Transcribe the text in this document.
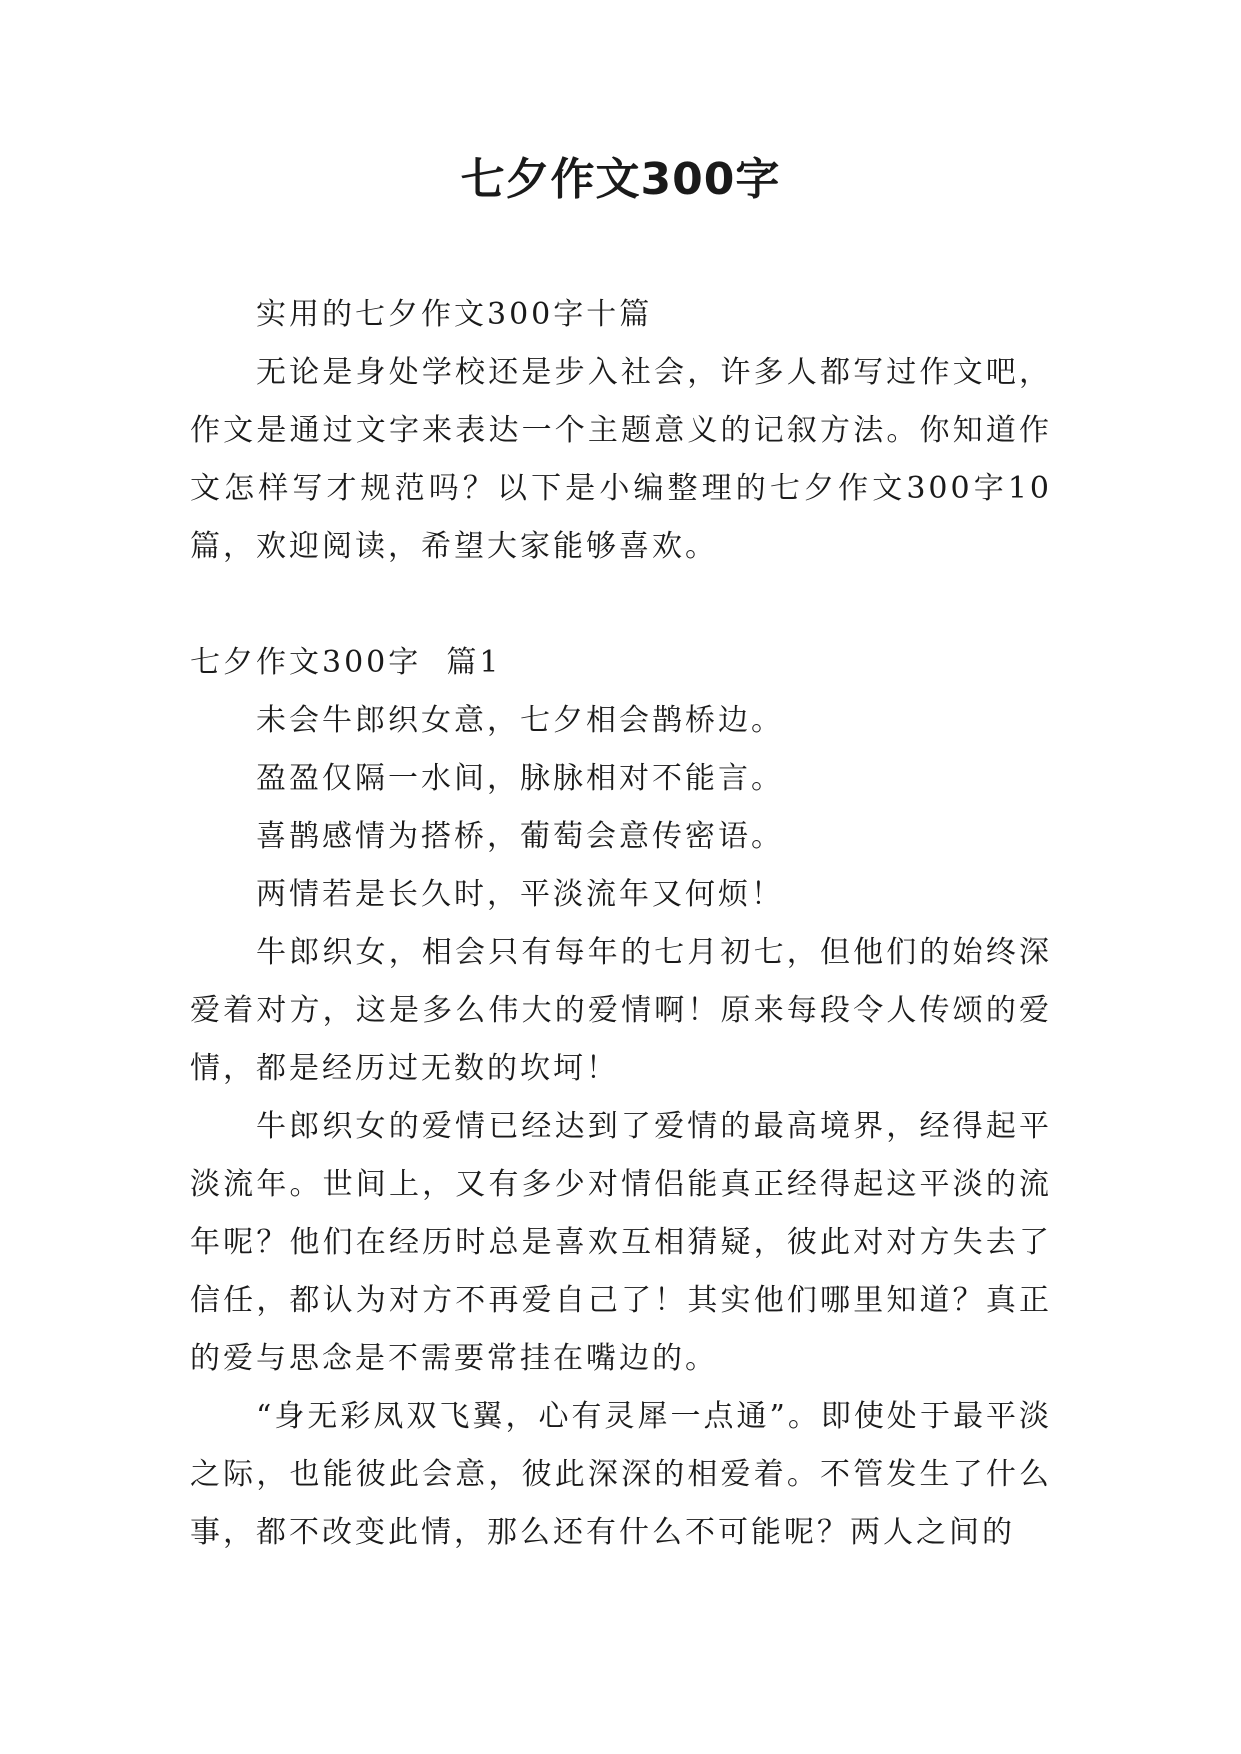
七夕作文300字

实用的七夕作文300字十篇

无论是身处学校还是步入社会，许多人都写过作文吧，作文是通过文字来表达一个主题意义的记叙方法。你知道作文怎样写才规范吗？以下是小编整理的七夕作文300字10篇，欢迎阅读，希望大家能够喜欢。

七夕作文300字  篇1

未会牛郎织女意，七夕相会鹊桥边。

盈盈仅隔一水间，脉脉相对不能言。

喜鹊感情为搭桥，葡萄会意传密语。

两情若是长久时，平淡流年又何烦！

牛郎织女，相会只有每年的七月初七，但他们的始终深爱着对方，这是多么伟大的爱情啊！原来每段令人传颂的爱情，都是经历过无数的坎坷！

牛郎织女的爱情已经达到了爱情的最高境界，经得起平淡流年。世间上，又有多少对情侣能真正经得起这平淡的流年呢？他们在经历时总是喜欢互相猜疑，彼此对对方失去了信任，都认为对方不再爱自己了！其实他们哪里知道？真正的爱与思念是不需要常挂在嘴边的。

“身无彩凤双飞翼，心有灵犀一点通”。即使处于最平淡之际，也能彼此会意，彼此深深的相爱着。不管发生了什么事，都不改变此情，那么还有什么不可能呢？两人之间的
